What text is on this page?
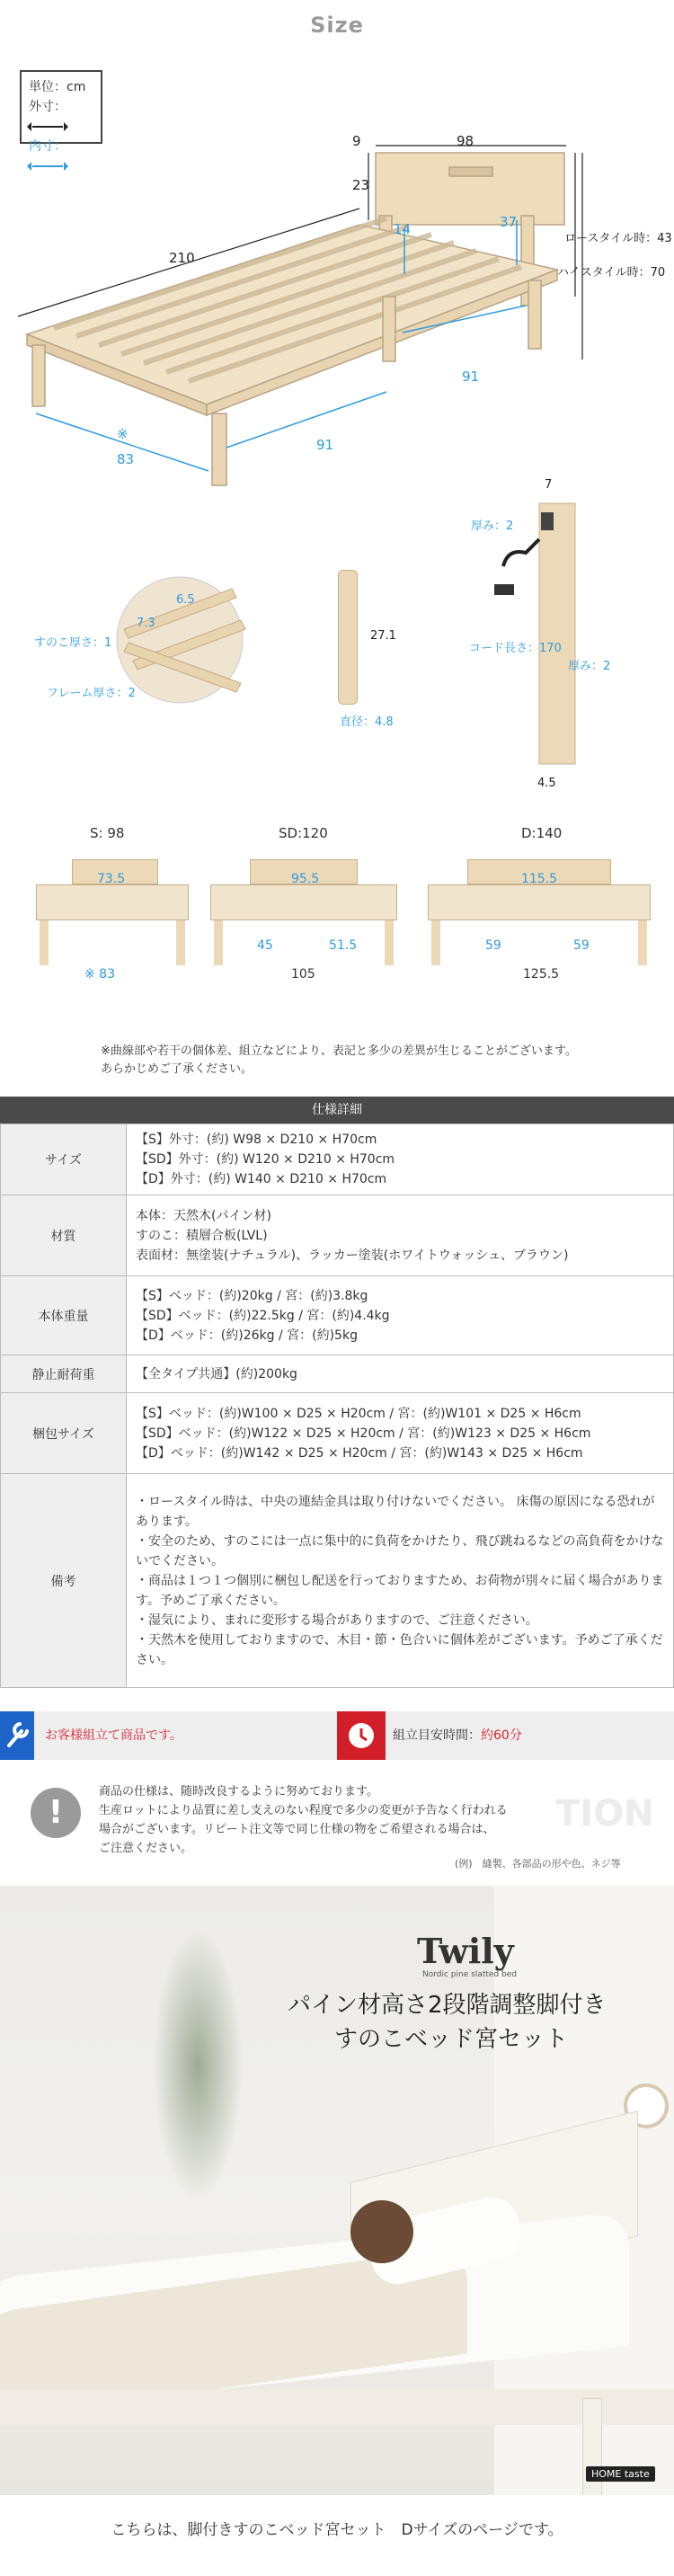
Size
単位：cm
外寸：
内寸：
23
9	98
210
14	37
ロースタイル時：43
ハイスタイル時：70
91
91
※
83
6.5
7.3
すのこ厚さ：1
フレーム厚さ：2
27.1
直径：4.8
7
厚み：2
コード長さ：170
厚み：2
4.5
S: 98
73.5
※ 83
SD:120
95.5
45	51.5
105
D:140
115.5
59	59
125.5
※曲線部や若干の個体差、組立などにより、表記と多少の差異が生じることがございます。
あらかじめご了承ください。
仕様詳細
サイズ	【S】外寸：(約) W98 × D210 × H70cm
【SD】外寸：(約) W120 × D210 × H70cm
【D】外寸：(約) W140 × D210 × H70cm

材質	本体：天然木(パイン材)
すのこ：積層合板(LVL)
表面材：無塗装(ナチュラル)、ラッカー塗装(ホワイトウォッシュ、ブラウン)

本体重量	【S】ベッド：(約)20kg / 宮：(約)3.8kg
【SD】ベッド：(約)22.5kg / 宮：(約)4.4kg
【D】ベッド：(約)26kg / 宮：(約)5kg

静止耐荷重	【全タイプ共通】(約)200kg

梱包サイズ	【S】ベッド：(約)W100 × D25 × H20cm / 宮：(約)W101 × D25 × H6cm
【SD】ベッド：(約)W122 × D25 × H20cm / 宮：(約)W123 × D25 × H6cm
【D】ベッド：(約)W142 × D25 × H20cm / 宮：(約)W143 × D25 × H6cm

備考	・ロースタイル時は、中央の連結金具は取り付けないでください。 床傷の原因になる恐れがあります。
・安全のため、すのこには一点に集中的に負荷をかけたり、飛び跳ねるなどの高負荷をかけないでください。
・商品は１つ１つ個別に梱包し配送を行っておりますため、お荷物が別々に届く場合があります。予めご了承ください。
・湿気により、まれに変形する場合がありますので、ご注意ください。
・天然木を使用しておりますので、木目・節・色合いに個体差がございます。予めご了承ください。
お客様組立て商品です。	組立目安時間：約60分
!
商品の仕様は、随時改良するように努めております。
生産ロットにより品質に差し支えのない程度で多少の変更が予告なく行われる
場合がございます。リピート注文等で同じ仕様の物をご希望される場合は、
ご注意ください。
TION
(例)　縫製、各部品の形や色、ネジ等
Twily
Nordic pine slatted bed
パイン材高さ2段階調整脚付き
すのこベッド宮セット
HOME taste
こちらは、脚付きすのこベッド宮セット　Dサイズのページです。
